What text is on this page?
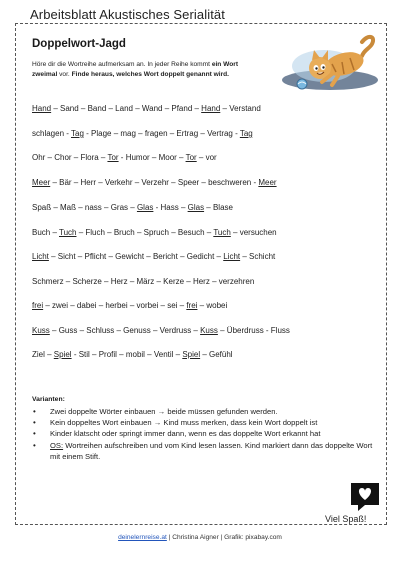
Arbeitsblatt Akustisches Serialität
Doppelwort-Jagd
Höre dir die Wortreihe aufmerksam an. In jeder Reihe kommt ein Wort zweimal vor. Finde heraus, welches Wort doppelt genannt wird.
Hand – Sand – Band – Land – Wand – Pfand – Hand – Verstand
schlagen - Tag - Plage – mag – fragen – Ertrag – Vertrag - Tag
Ohr – Chor – Flora – Tor - Humor – Moor – Tor – vor
Meer – Bär – Herr – Verkehr – Verzehr – Speer – beschweren - Meer
Spaß – Maß – nass – Gras – Glas - Hass – Glas – Blase
Buch – Tuch – Fluch – Bruch – Spruch – Besuch – Tuch – versuchen
Licht – Sicht – Pflicht – Gewicht – Bericht – Gedicht – Licht – Schicht
Schmerz – Scherze – Herz – März – Kerze – Herz – verzehren
frei – zwei – dabei – herbei – vorbei – sei – frei – wobei
Kuss – Guss – Schluss – Genuss – Verdruss – Kuss – Überdruss - Fluss
Ziel – Spiel - Stil – Profil – mobil – Ventil – Spiel – Gefühl
Varianten:
• Zwei doppelte Wörter einbauen → beide müssen gefunden werden.
• Kein doppeltes Wort einbauen → Kind muss merken, dass kein Wort doppelt ist
• Kinder klatscht oder springt immer dann, wenn es das doppelte Wort erkannt hat
• OS: Wortreihen aufschreiben und vom Kind lesen lassen. Kind markiert dann das doppelte Wort mit einem Stift.
Viel Spaß!
deinelernreise.at | Christina Aigner | Grafik: pixabay.com
